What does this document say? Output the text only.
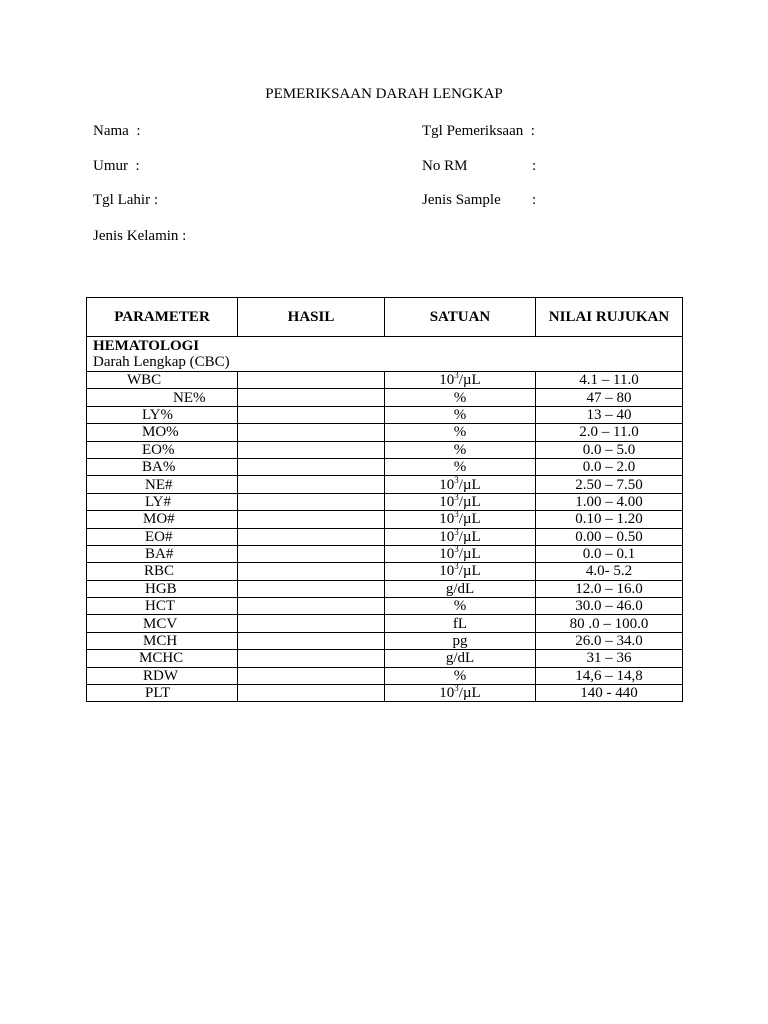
PEMERIKSAAN DARAH LENGKAP
Nama  :
Umur  :
Tgl Lahir :
Jenis Kelamin :
Tgl Pemeriksaan  :
No RM	:
Jenis Sample :
PARAMETER	HASIL	SATUAN	NILAI RUJUKAN

HEMATOLOGI
Darah Lengkap (CBC)			

WBC		$10^3/\mu L$	4.1 – 11.0
NE%		%	47 – 80
LY%		%	13 – 40
MO%		%	2.0 – 11.0
EO%		%	0.0 – 5.0
BA%		%	0.0 – 2.0
NE#		$10^3/\mu L$	2.50 – 7.50
LY#		$10^3/\mu L$	1.00 – 4.00
MO#		$10^3/\mu L$	0.10 – 1.20
EO#		$10^3/\mu L$	0.00 – 0.50
BA#		$10^3/\mu L$	0.0 – 0.1
RBC		$10^3/\mu L$	4.0- 5.2
HGB		g/dL	12.0 – 16.0
HCT		%	30.0 – 46.0
MCV		fL	80 .0 – 100.0
MCH		pg	26.0 – 34.0
MCHC		g/dL	31 – 36
RDW		%	14,6 – 14,8
PLT		$10^3/\mu L$	140 - 440
